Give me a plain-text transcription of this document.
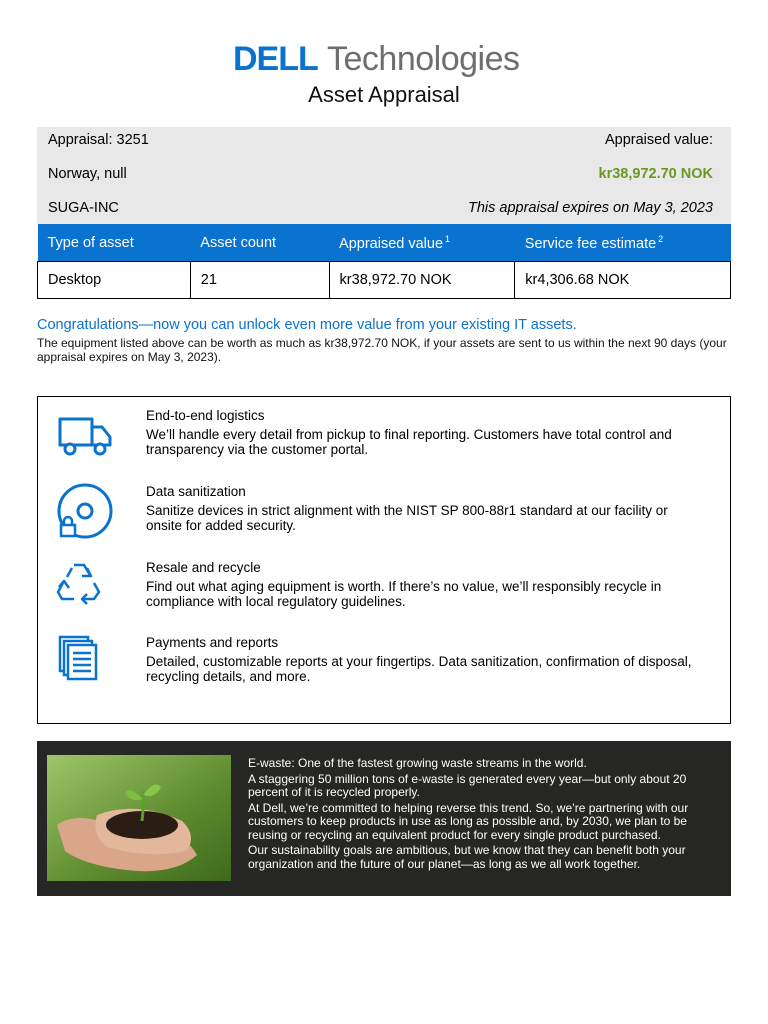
DELL Technologies
Asset Appraisal
Appraisal: 3251	Appraised value:
Norway, null	kr38,972.70 NOK
SUGA-INC	This appraisal expires on May 3, 2023
Type of asset	Asset count	Appraised value $^1$	Service fee estimate $^2$
Desktop	21	kr38,972.70 NOK	kr4,306.68 NOK
Congratulations—now you can unlock even more value from your existing IT assets.
The equipment listed above can be worth as much as kr38,972.70 NOK, if your assets are sent to us within the next 90 days (your appraisal expires on May 3, 2023).
End-to-end logistics
We’ll handle every detail from pickup to final reporting. Customers have total control and transparency via the customer portal.
Data sanitization
Sanitize devices in strict alignment with the NIST SP 800-88r1 standard at our facility or onsite for added security.
Resale and recycle
Find out what aging equipment is worth. If there’s no value, we’ll responsibly recycle in compliance with local regulatory guidelines.
Payments and reports
Detailed, customizable reports at your fingertips. Data sanitization, confirmation of disposal, recycling details, and more.

E-waste: One of the fastest growing waste streams in the world.

A staggering 50 million tons of e-waste is generated every year—but only about 20 percent of it is recycled properly.

At Dell, we’re committed to helping reverse this trend. So, we’re partnering with our customers to keep products in use as long as possible and, by 2030, we plan to be reusing or recycling an equivalent product for every single product purchased.

Our sustainability goals are ambitious, but we know that they can benefit both your organization and the future of our planet—as long as we all work together.
